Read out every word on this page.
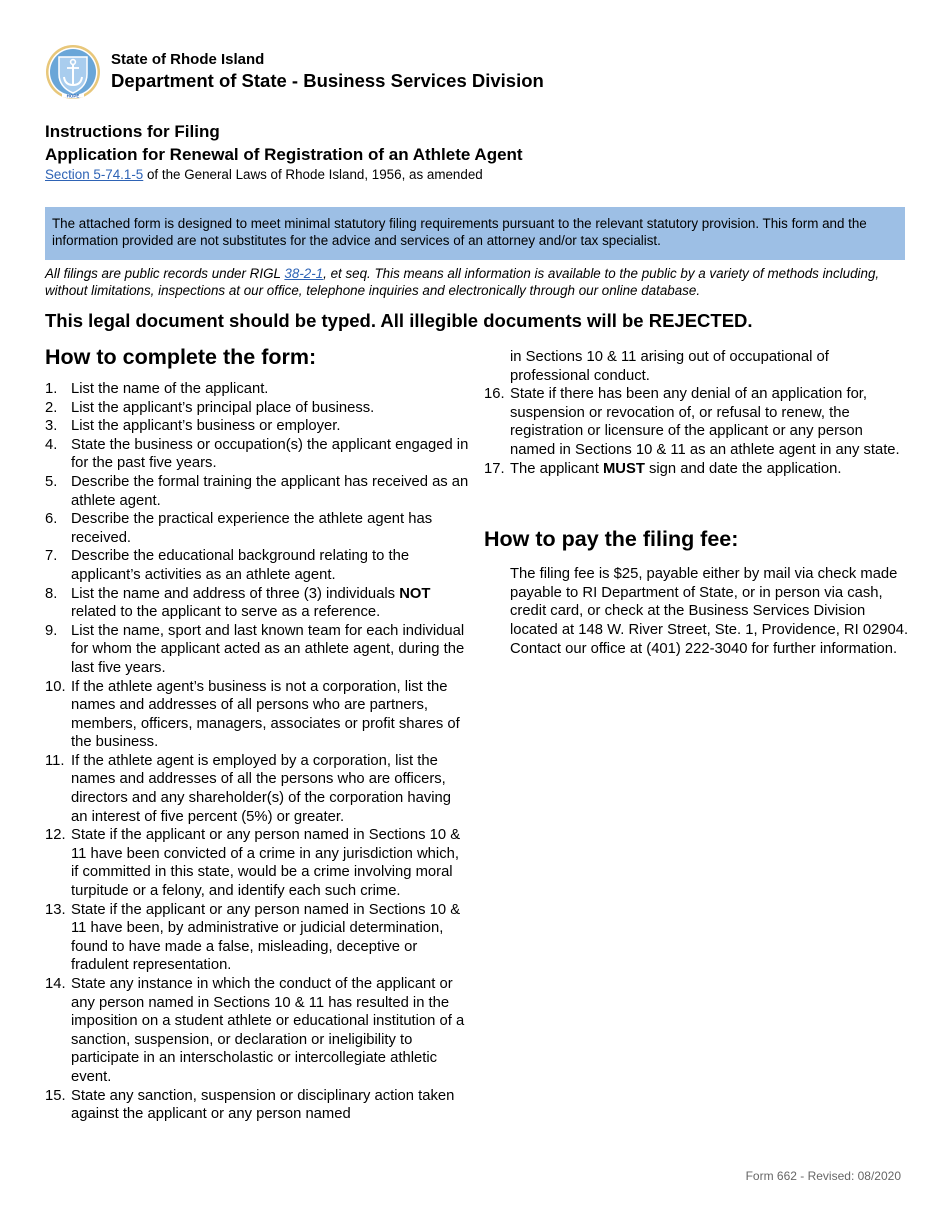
HOPE
State of Rhode Island
Department of State - Business Services Division
Instructions for Filing
Application for Renewal of Registration of an Athlete Agent
Section 5-74.1-5 of the General Laws of Rhode Island, 1956, as amended
The attached form is designed to meet minimal statutory filing requirements pursuant to the relevant statutory provision. This form and the information provided are not substitutes for the advice and services of an attorney and/or tax specialist.
All filings are public records under RIGL 38-2-1, et seq. This means all information is available to the public by a variety of methods including, without limitations, inspections at our office, telephone inquiries and electronically through our online database.
This legal document should be typed. All illegible documents will be REJECTED.
How to complete the form:
1. List the name of the applicant.
2. List the applicant’s principal place of business.
3. List the applicant’s business or employer.
4. State the business or occupation(s) the applicant engaged in for the past five years.
5. Describe the formal training the applicant has received as an athlete agent.
6. Describe the practical experience the athlete agent has received.
7. Describe the educational background relating to the applicant’s activities as an athlete agent.
8. List the name and address of three (3) individuals NOT related to the applicant to serve as a reference.
9. List the name, sport and last known team for each individual for whom the applicant acted as an athlete agent, during the last five years.
10. If the athlete agent’s business is not a corporation, list the names and addresses of all persons who are partners, members, officers, managers, associates or profit shares of the business.
11. If the athlete agent is employed by a corporation, list the names and addresses of all the persons who are officers, directors and any shareholder(s) of the corporation having an interest of five percent (5%) or greater.
12. State if the applicant or any person named in Sections 10 & 11 have been convicted of a crime in any jurisdiction which, if committed in this state, would be a crime involving moral turpitude or a felony, and identify each such crime.
13. State if the applicant or any person named in Sections 10 & 11 have been, by administrative or judicial determination, found to have made a false, misleading, deceptive or fradulent representation.
14. State any instance in which the conduct of the applicant or any person named in Sections 10 & 11 has resulted in the imposition on a student athlete or educational institution of a sanction, suspension, or declaration or ineligibility to participate in an interscholastic or intercollegiate athletic event.
15. State any sanction, suspension or disciplinary action taken against the applicant or any person named
in Sections 10 & 11 arising out of occupational of professional conduct.
16. State if there has been any denial of an application for, suspension or revocation of, or refusal to renew, the registration or licensure of the applicant or any person named in Sections 10 & 11 as an athlete agent in any state.
17. The applicant MUST sign and date the application.
How to pay the filing fee:

The filing fee is $25, payable either by mail via check made payable to RI Department of State, or in person via cash, credit card, or check at the Business Services Division located at 148 W. River Street, Ste. 1, Providence, RI 02904. Contact our office at (401) 222-3040 for further information.

Form 662 - Revised: 08/2020
